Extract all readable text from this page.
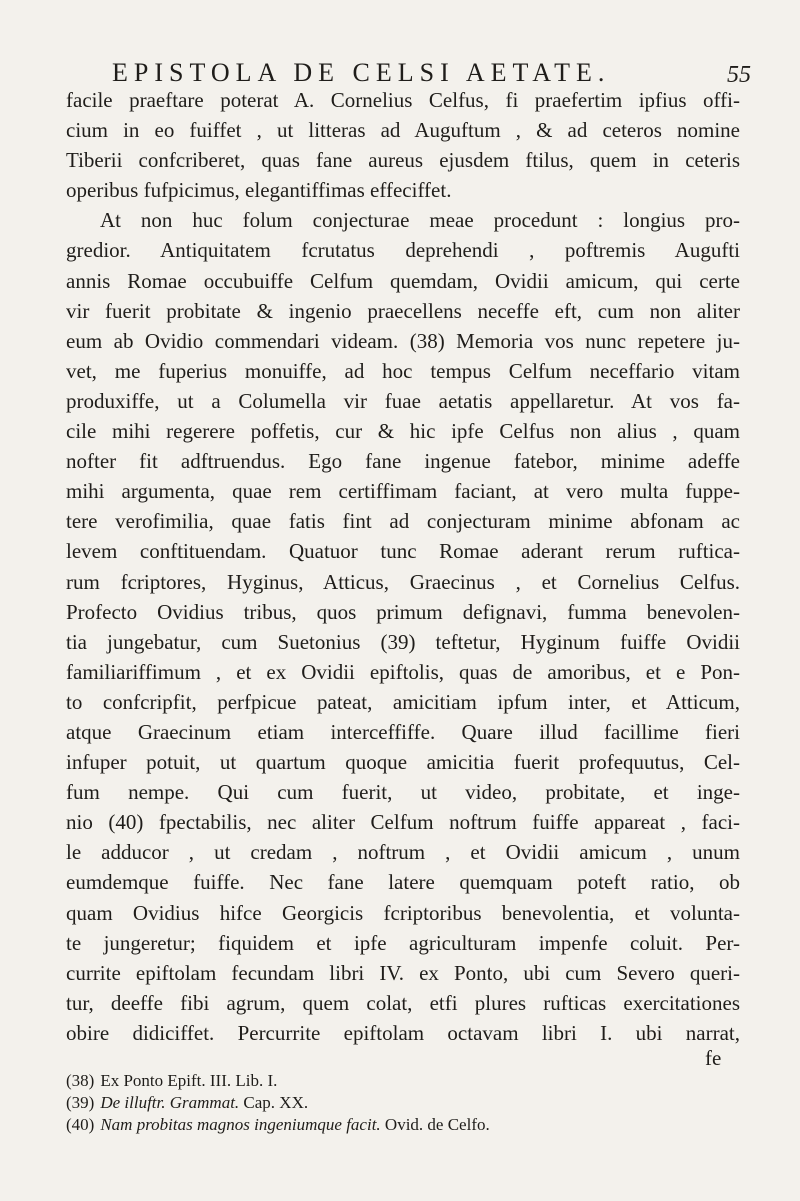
EPISTOLA DE CELSI AETATE.	55
facile praeftare poterat A. Cornelius Celfus, fi praefertim ipfius offi-
cium in eo fuiffet , ut litteras ad Auguftum , & ad ceteros nomine
Tiberii confcriberet, quas fane aureus ejusdem ftilus, quem in ceteris
operibus fufpicimus, elegantiffimas effeciffet.
At non huc folum conjecturae meae procedunt : longius pro-
gredior. Antiquitatem fcrutatus deprehendi , poftremis Augufti
annis Romae occubuiffe Celfum quemdam, Ovidii amicum, qui certe
vir fuerit probitate & ingenio praecellens neceffe eft, cum non aliter
eum ab Ovidio commendari videam. (38) Memoria vos nunc repetere ju-
vet, me fuperius monuiffe, ad hoc tempus Celfum neceffario vitam
produxiffe, ut a Columella vir fuae aetatis appellaretur. At vos fa-
cile mihi regerere poffetis, cur & hic ipfe Celfus non alius , quam
nofter fit adftruendus. Ego fane ingenue fatebor, minime adeffe
mihi argumenta, quae rem certiffimam faciant, at vero multa fuppe-
tere verofimilia, quae fatis fint ad conjecturam minime abfonam ac
levem conftituendam. Quatuor tunc Romae aderant rerum ruftica-
rum fcriptores, Hyginus, Atticus, Graecinus , et Cornelius Celfus.
Profecto Ovidius tribus, quos primum defignavi, fumma benevolen-
tia jungebatur, cum Suetonius (39) teftetur, Hyginum fuiffe Ovidii
familiariffimum , et ex Ovidii epiftolis, quas de amoribus, et e Pon-
to confcripfit, perfpicue pateat, amicitiam ipfum inter, et Atticum,
atque Graecinum etiam interceffiffe. Quare illud facillime fieri
infuper potuit, ut quartum quoque amicitia fuerit profequutus, Cel-
fum nempe. Qui cum fuerit, ut video, probitate, et inge-
nio (40) fpectabilis, nec aliter Celfum noftrum fuiffe appareat , faci-
le adducor , ut credam , noftrum , et Ovidii amicum , unum
eumdemque fuiffe. Nec fane latere quemquam poteft ratio, ob
quam Ovidius hifce Georgicis fcriptoribus benevolentia, et volunta-
te jungeretur; fiquidem et ipfe agriculturam impenfe coluit. Per-
currite epiftolam fecundam libri IV. ex Ponto, ubi cum Severo queri-
tur, deeffe fibi agrum, quem colat, etfi plures rufticas exercitationes
obire didiciffet. Percurrite epiftolam octavam libri I. ubi narrat,
fe
(38) Ex Ponto Epift. III. Lib. I.
(39) De illuftr. Grammat. Cap. XX.
(40) Nam probitas magnos ingeniumque facit. Ovid. de Celfo.
